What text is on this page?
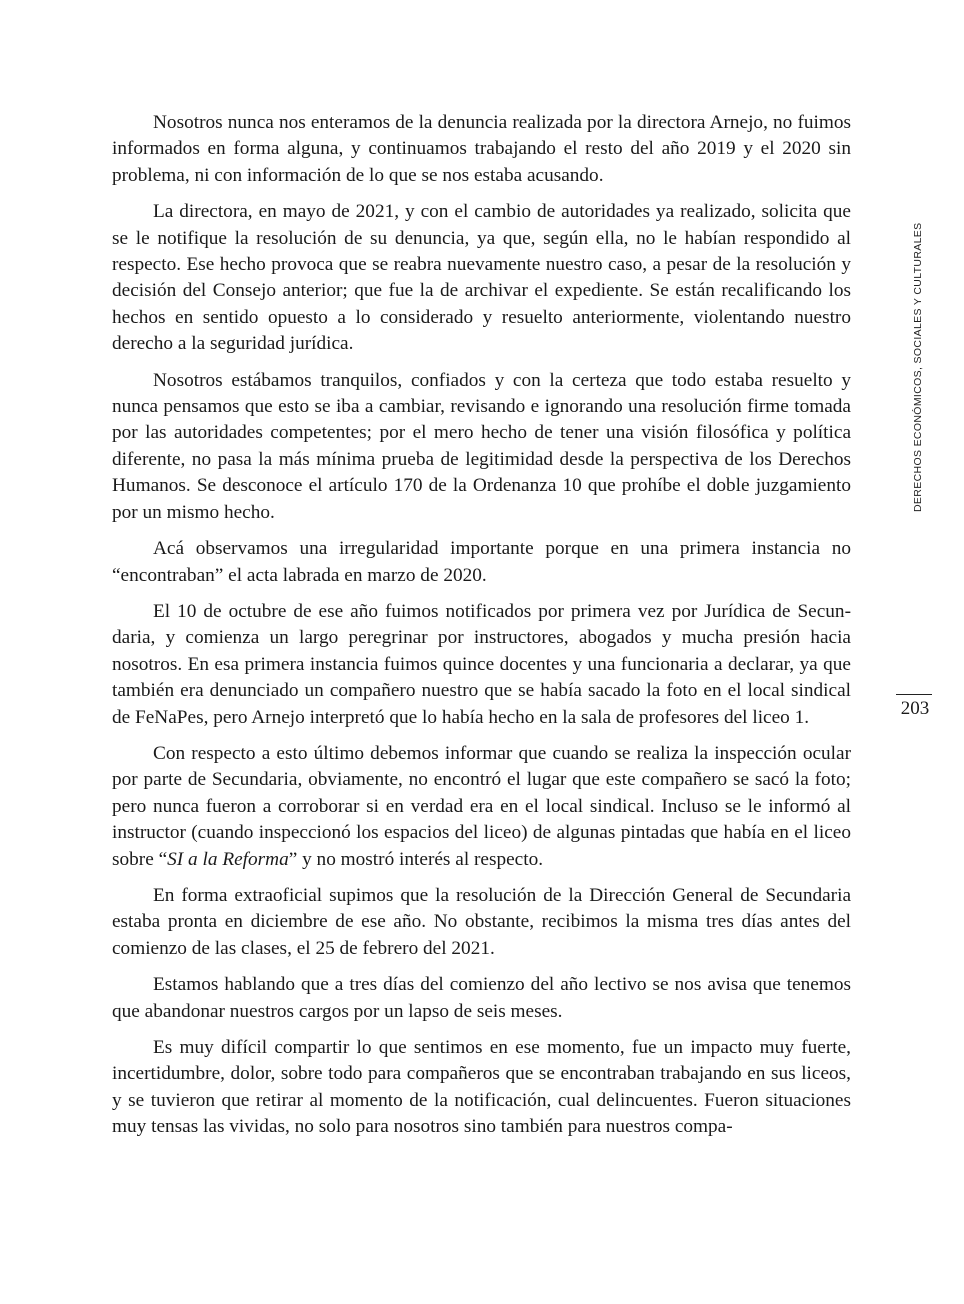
Nosotros nunca nos enteramos de la denuncia realizada por la directora Arnejo, no fuimos informados en forma alguna, y continuamos trabajando el resto del año 2019 y el 2020 sin problema, ni con información de lo que se nos estaba acusando.

La directora, en mayo de 2021, y con el cambio de autoridades ya realizado, solicita que se le notifique la resolución de su denuncia, ya que, según ella, no le habían respondido al respecto. Ese hecho provoca que se reabra nuevamente nuestro caso, a pesar de la resolución y decisión del Consejo anterior; que fue la de archivar el expediente. Se están recalificando los hechos en sentido opuesto a lo considerado y resuelto anteriormente, violentando nuestro derecho a la seguridad jurídica.

Nosotros estábamos tranquilos, confiados y con la certeza que todo estaba resuelto y nunca pensamos que esto se iba a cambiar, revisando e ignorando una resolución firme tomada por las autoridades competentes; por el mero hecho de tener una visión filosófica y política diferente, no pasa la más mínima prueba de legitimidad desde la perspectiva de los Derechos Humanos. Se desconoce el artículo 170 de la Ordenanza 10 que prohíbe el doble juzgamiento por un mismo hecho.

Acá observamos una irregularidad importante porque en una primera instancia no “encontraban” el acta labrada en marzo de 2020.

El 10 de octubre de ese año fuimos notificados por primera vez por Jurídica de Secundaria, y comienza un largo peregrinar por instructores, abogados y mucha presión hacia nosotros. En esa primera instancia fuimos quince docentes y una funcionaria a declarar, ya que también era denunciado un compañero nuestro que se había sacado la foto en el local sindical de FeNaPes, pero Arnejo interpretó que lo había hecho en la sala de profesores del liceo 1.

Con respecto a esto último debemos informar que cuando se realiza la inspección ocular por parte de Secundaria, obviamente, no encontró el lugar que este compañero se sacó la foto; pero nunca fueron a corroborar si en verdad era en el local sindical. Incluso se le informó al instructor (cuando inspeccionó los espacios del liceo) de algunas pintadas que había en el liceo sobre “SI a la Reforma” y no mostró interés al respecto.

En forma extraoficial supimos que la resolución de la Dirección General de Secundaria estaba pronta en diciembre de ese año. No obstante, recibimos la misma tres días antes del comienzo de las clases, el 25 de febrero del 2021.

Estamos hablando que a tres días del comienzo del año lectivo se nos avisa que tenemos que abandonar nuestros cargos por un lapso de seis meses.

Es muy difícil compartir lo que sentimos en ese momento, fue un impacto muy fuerte, incertidumbre, dolor, sobre todo para compañeros que se encontraban trabajando en sus liceos, y se tuvieron que retirar al momento de la notificación, cual delincuentes. Fueron situaciones muy tensas las vividas, no solo para nosotros sino también para nuestros compa-

DERECHOS ECONÓMICOS, SOCIALES Y CULTURALES
203
